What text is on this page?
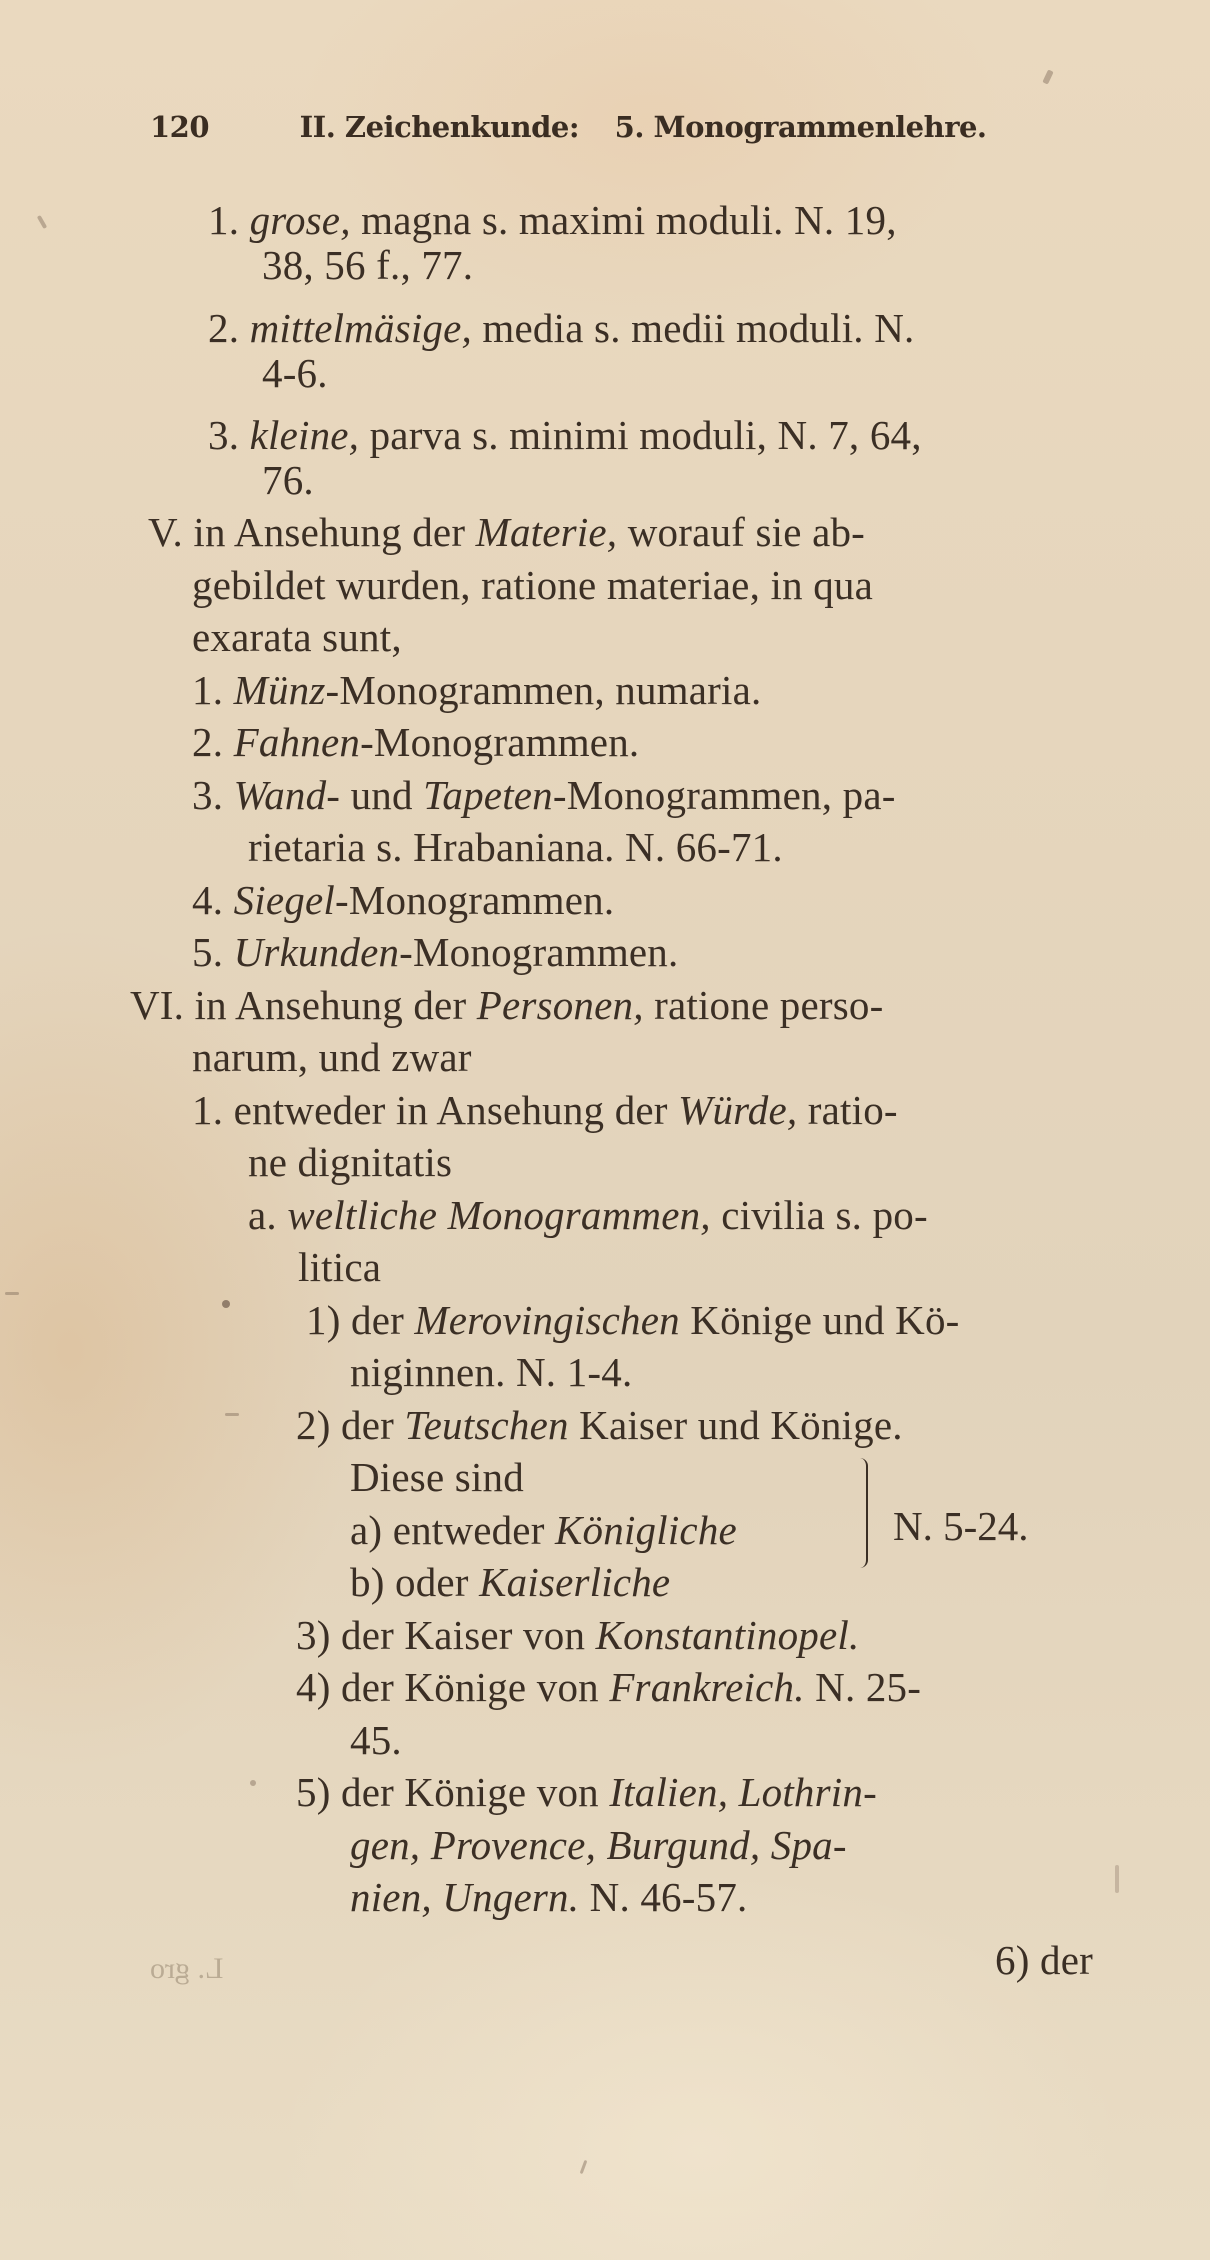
120	II. Zeichenkunde: 5. Monogrammenlehre.
1. grose, magna s. maximi moduli. N. 19,
38, 56 f., 77.
2. mittelmäsige, media s. medii moduli. N.
4-6.
3. kleine, parva s. minimi moduli, N. 7, 64,
76.
V. in Ansehung der Materie, worauf sie ab-
gebildet wurden, ratione materiae, in qua
exarata sunt,
1. Münz-Monogrammen, numaria.
2. Fahnen-Monogrammen.
3. Wand- und Tapeten-Monogrammen, pa-
rietaria s. Hrabaniana. N. 66-71.
4. Siegel-Monogrammen.
5. Urkunden-Monogrammen.
VI. in Ansehung der Personen, ratione perso-
narum, und zwar
1. entweder in Ansehung der Würde, ratio-
ne dignitatis
a. weltliche Monogrammen, civilia s. po-
litica
1) der Merovingischen Könige und Kö-
niginnen. N. 1-4.
2) der Teutschen Kaiser und Könige.
Diese sind
a) entweder Königliche
b) oder Kaiserliche
3) der Kaiser von Konstantinopel.
4) der Könige von Frankreich. N. 25-
45.
5) der Könige von Italien, Lothrin-
gen, Provence, Burgund, Spa-
nien, Ungern. N. 46-57.
N. 5-24.
6) der
L. gro
